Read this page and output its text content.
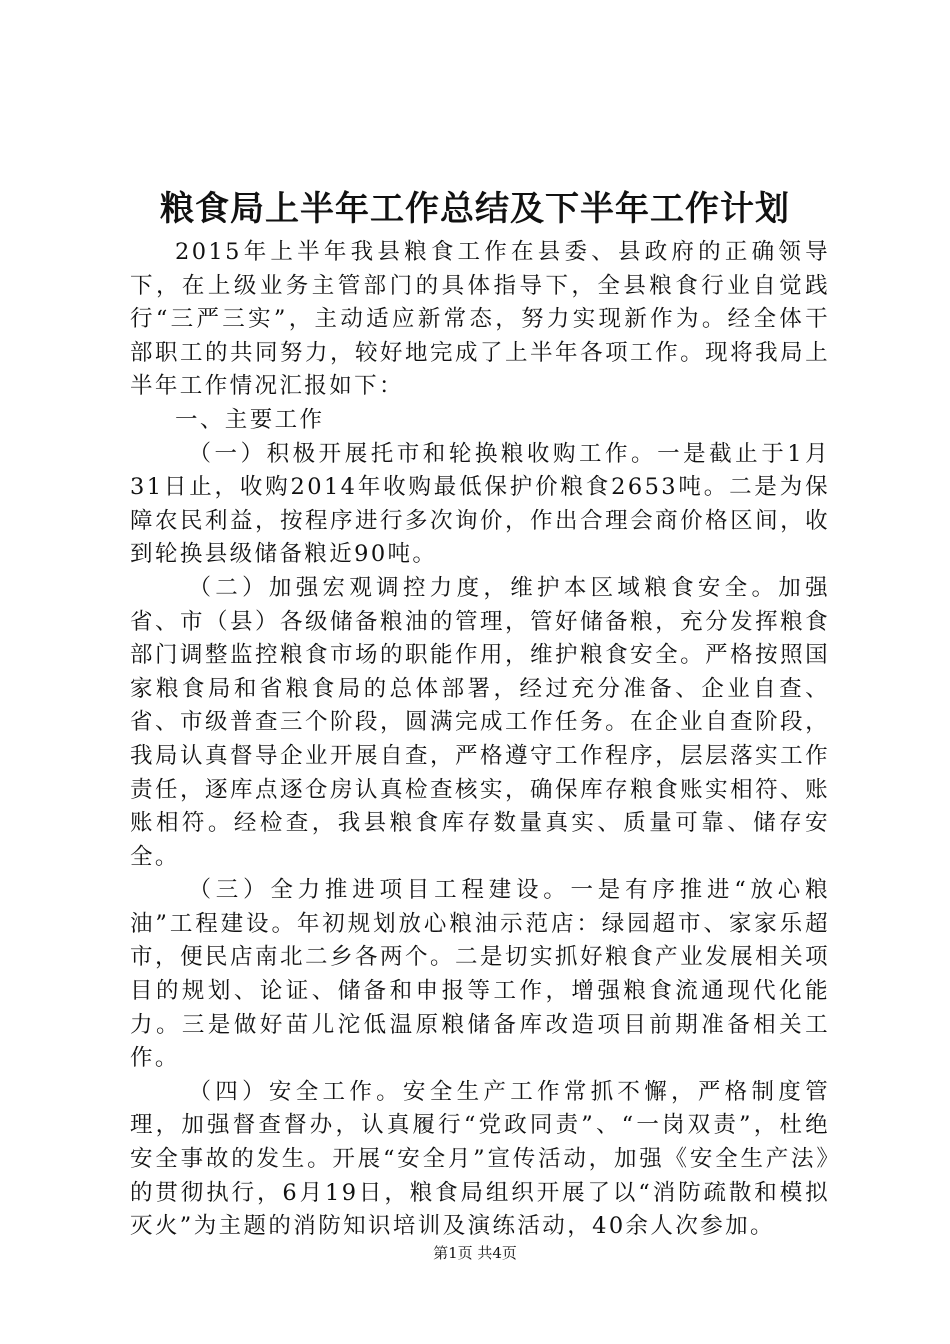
粮食局上半年工作总结及下半年工作计划

2015年上半年我县粮食工作在县委、县政府的正确领导下，在上级业务主管部门的具体指导下，全县粮食行业自觉践行“三严三实”，主动适应新常态，努力实现新作为。经全体干部职工的共同努力，较好地完成了上半年各项工作。现将我局上半年工作情况汇报如下：

一、主要工作

（一）积极开展托市和轮换粮收购工作。一是截止于1月31日止，收购2014年收购最低保护价粮食2653吨。二是为保障农民利益，按程序进行多次询价，作出合理会商价格区间，收到轮换县级储备粮近90吨。

（二）加强宏观调控力度，维护本区域粮食安全。加强省、市（县）各级储备粮油的管理，管好储备粮，充分发挥粮食部门调整监控粮食市场的职能作用，维护粮食安全。严格按照国家粮食局和省粮食局的总体部署，经过充分准备、企业自查、省、市级普查三个阶段，圆满完成工作任务。在企业自查阶段，我局认真督导企业开展自查，严格遵守工作程序，层层落实工作责任，逐库点逐仓房认真检查核实，确保库存粮食账实相符、账账相符。经检查，我县粮食库存数量真实、质量可靠、储存安全。

（三）全力推进项目工程建设。一是有序推进“放心粮油”工程建设。年初规划放心粮油示范店：绿园超市、家家乐超市，便民店南北二乡各两个。二是切实抓好粮食产业发展相关项目的规划、论证、储备和申报等工作，增强粮食流通现代化能力。三是做好苗儿沱低温原粮储备库改造项目前期准备相关工作。

（四）安全工作。安全生产工作常抓不懈，严格制度管理，加强督查督办，认真履行“党政同责”、“一岗双责”，杜绝安全事故的发生。开展“安全月”宣传活动，加强《安全生产法》的贯彻执行，6月19日，粮食局组织开展了以“消防疏散和模拟灭火”为主题的消防知识培训及演练活动，40余人次参加。

第1页 共4页
